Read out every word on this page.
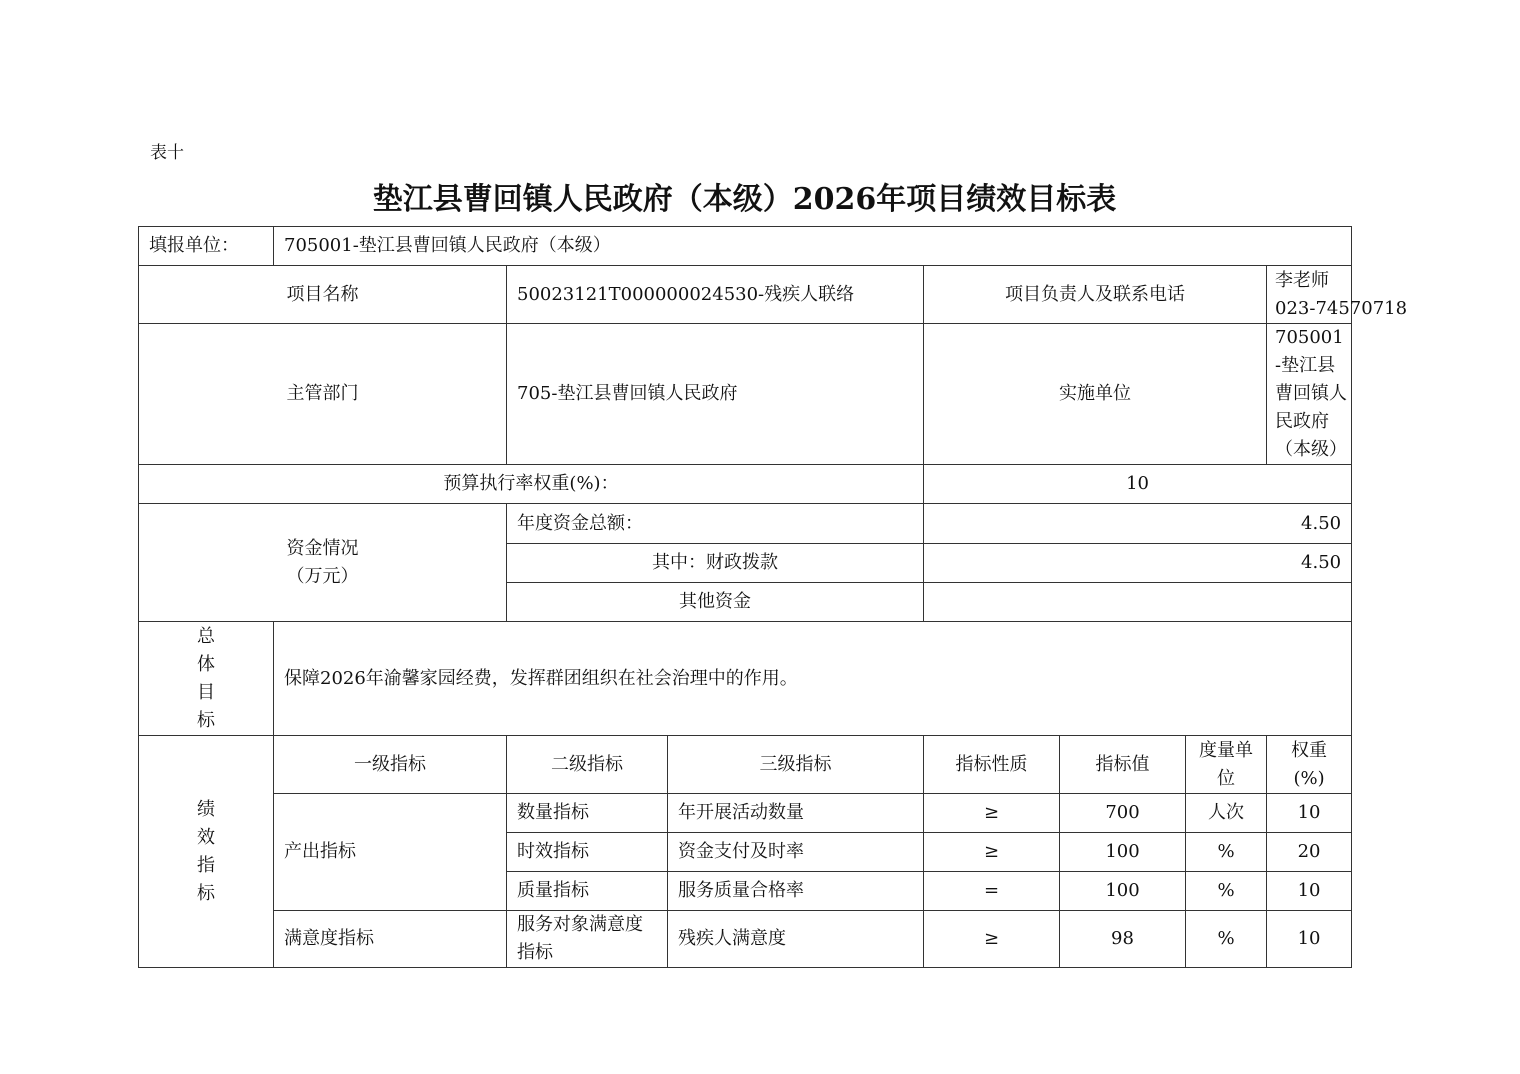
表十
垫江县曹回镇人民政府（本级）2026年项目绩效目标表
填报单位：	705001-垫江县曹回镇人民政府（本级）						
项目名称		50023121T000000024530-残疾人联络		项目负责人及联系电话			李老师
023-74570718

主管部门		705-垫江县曹回镇人民政府		实施单位			705001-垫江县曹回镇人民政府（本级）
预算执行率权重(%)：				10			

资金情况
（万元）		年度资金总额：		4.50			
		其中：财政拨款		4.50			
		其他资金					

总
体
目
标	保障2026年渝馨家园经费，发挥群团组织在社会治理中的作用。						

绩
效
指
标	一级指标	二级指标	三级指标	指标性质	指标值	度量单位	权重(%)
	产出指标	数量指标	年开展活动数量	≥	700	人次	10
		时效指标	资金支付及时率	≥	100	%	20
		质量指标	服务质量合格率	=	100	%	10
	满意度指标	服务对象满意度指标	残疾人满意度	≥	98	%	10
